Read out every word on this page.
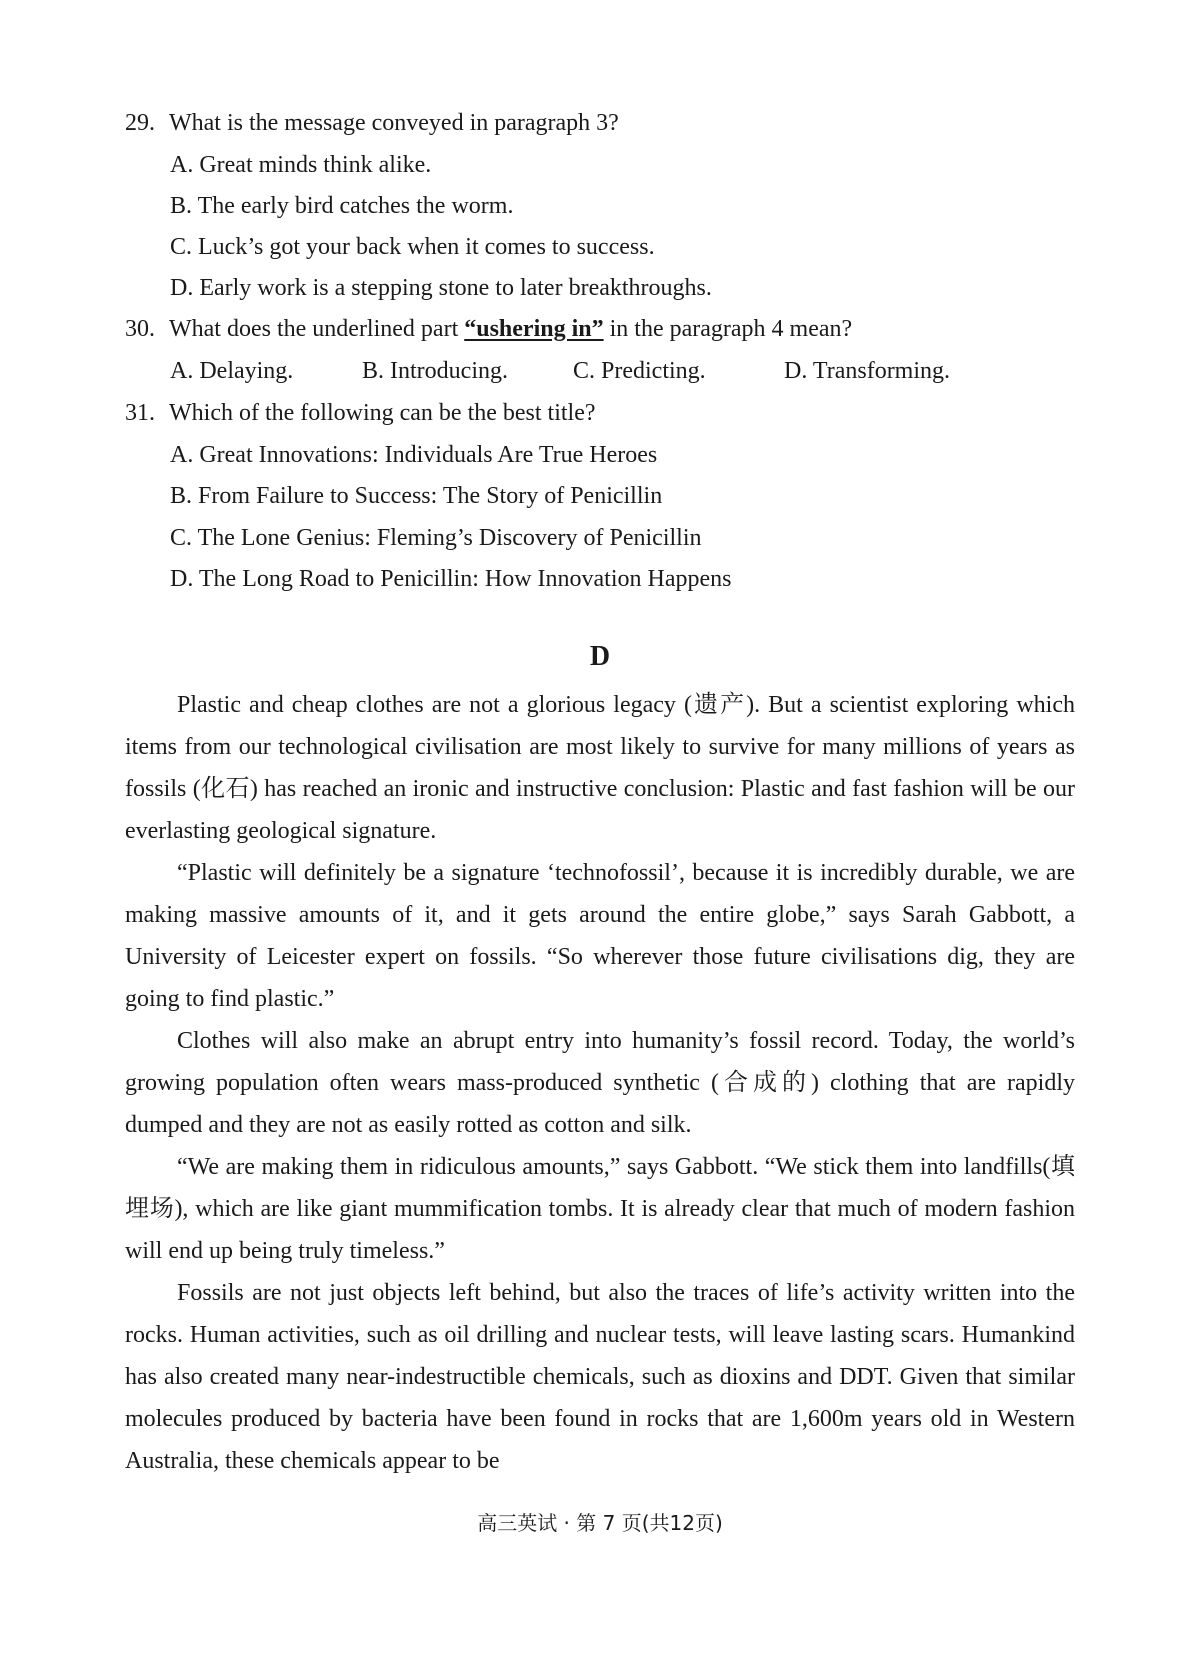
29. What is the message conveyed in paragraph 3?
A. Great minds think alike.
B. The early bird catches the worm.
C. Luck’s got your back when it comes to success.
D. Early work is a stepping stone to later breakthroughs.
30. What does the underlined part “ushering in” in the paragraph 4 mean?
A. Delaying.	B. Introducing.	C. Predicting.	D. Transforming.
31. Which of the following can be the best title?
A. Great Innovations: Individuals Are True Heroes
B. From Failure to Success: The Story of Penicillin
C. The Lone Genius: Fleming’s Discovery of Penicillin
D. The Long Road to Penicillin: How Innovation Happens
D

Plastic and cheap clothes are not a glorious legacy (遗产). But a scientist exploring which items from our technological civilisation are most likely to survive for many millions of years as fossils (化石) has reached an ironic and instructive conclusion: Plastic and fast fashion will be our everlasting geological signature.

“Plastic will definitely be a signature ‘technofossil’, because it is incredibly durable, we are making massive amounts of it, and it gets around the entire globe,” says Sarah Gabbott, a University of Leicester expert on fossils. “So wherever those future civilisations dig, they are going to find plastic.”

Clothes will also make an abrupt entry into humanity’s fossil record. Today, the world’s growing population often wears mass-produced synthetic (合成的) clothing that are rapidly dumped and they are not as easily rotted as cotton and silk.

“We are making them in ridiculous amounts,” says Gabbott. “We stick them into landfills(填埋场), which are like giant mummification tombs. It is already clear that much of modern fashion will end up being truly timeless.”

Fossils are not just objects left behind, but also the traces of life’s activity written into the rocks. Human activities, such as oil drilling and nuclear tests, will leave lasting scars. Humankind has also created many near-indestructible chemicals, such as dioxins and DDT. Given that similar molecules produced by bacteria have been found in rocks that are 1,600m years old in Western Australia, these chemicals appear to be

高三英试 · 第 7 页(共12页)
